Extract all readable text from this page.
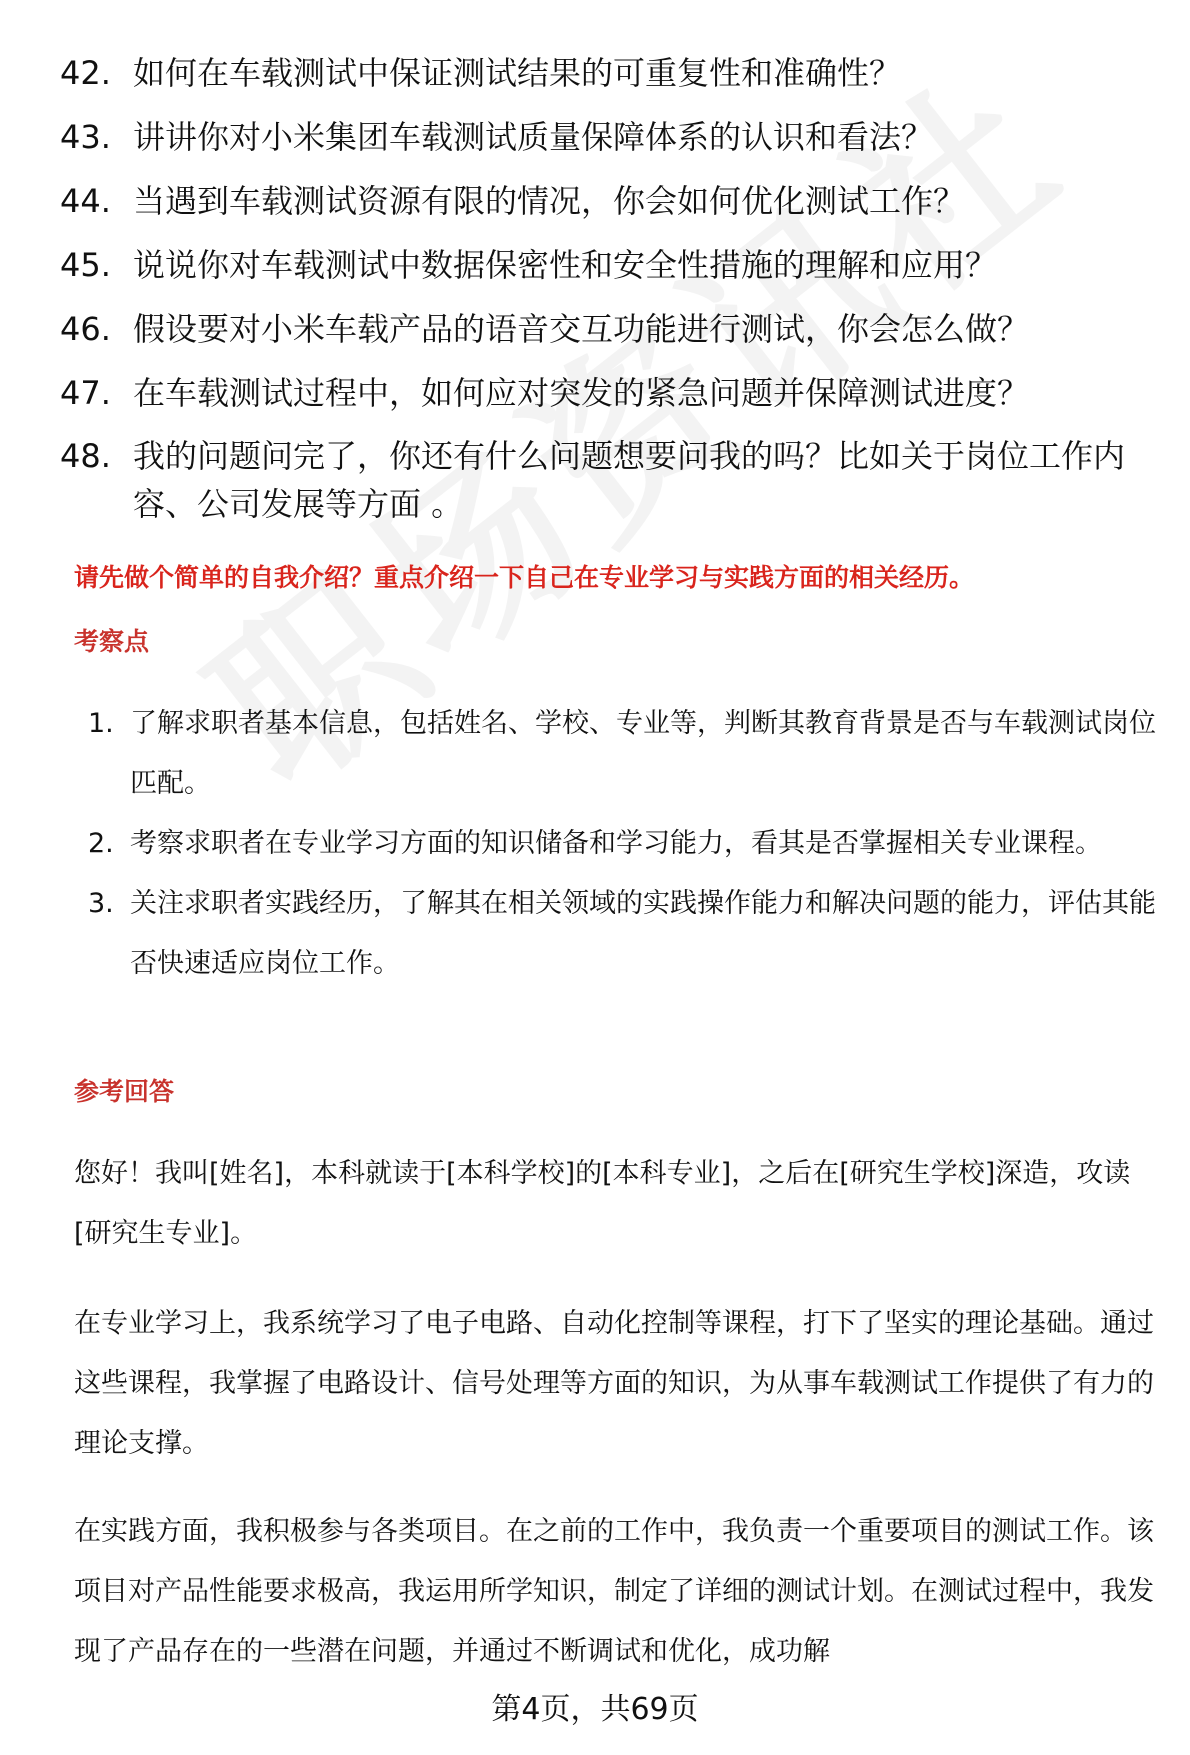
42. 如何在车载测试中保证测试结果的可重复性和准确性？
43. 讲讲你对小米集团车载测试质量保障体系的认识和看法？
44. 当遇到车载测试资源有限的情况，你会如何优化测试工作？
45. 说说你对车载测试中数据保密性和安全性措施的理解和应用？
46. 假设要对小米车载产品的语音交互功能进行测试，你会怎么做？
47. 在车载测试过程中，如何应对突发的紧急问题并保障测试进度？
48. 我的问题问完了，你还有什么问题想要问我的吗？比如关于岗位工作内容、公司发展等方面 。
请先做个简单的自我介绍？重点介绍一下自己在专业学习与实践方面的相关经历。
考察点
1. 了解求职者基本信息，包括姓名、学校、专业等，判断其教育背景是否与车载测试岗位匹配。
2. 考察求职者在专业学习方面的知识储备和学习能力，看其是否掌握相关专业课程。
3. 关注求职者实践经历，了解其在相关领域的实践操作能力和解决问题的能力，评估其能否快速适应岗位工作。
参考回答
您好！我叫[姓名]，本科就读于[本科学校]的[本科专业]，之后在[研究生学校]深造，攻读[研究生专业]。
在专业学习上，我系统学习了电子电路、自动化控制等课程，打下了坚实的理论基础。通过这些课程，我掌握了电路设计、信号处理等方面的知识，为从事车载测试工作提供了有力的理论支撑。
在实践方面，我积极参与各类项目。在之前的工作中，我负责一个重要项目的测试工作。该项目对产品性能要求极高，我运用所学知识，制定了详细的测试计划。在测试过程中，我发现了产品存在的一些潜在问题，并通过不断调试和优化，成功解
第4页，共69页
